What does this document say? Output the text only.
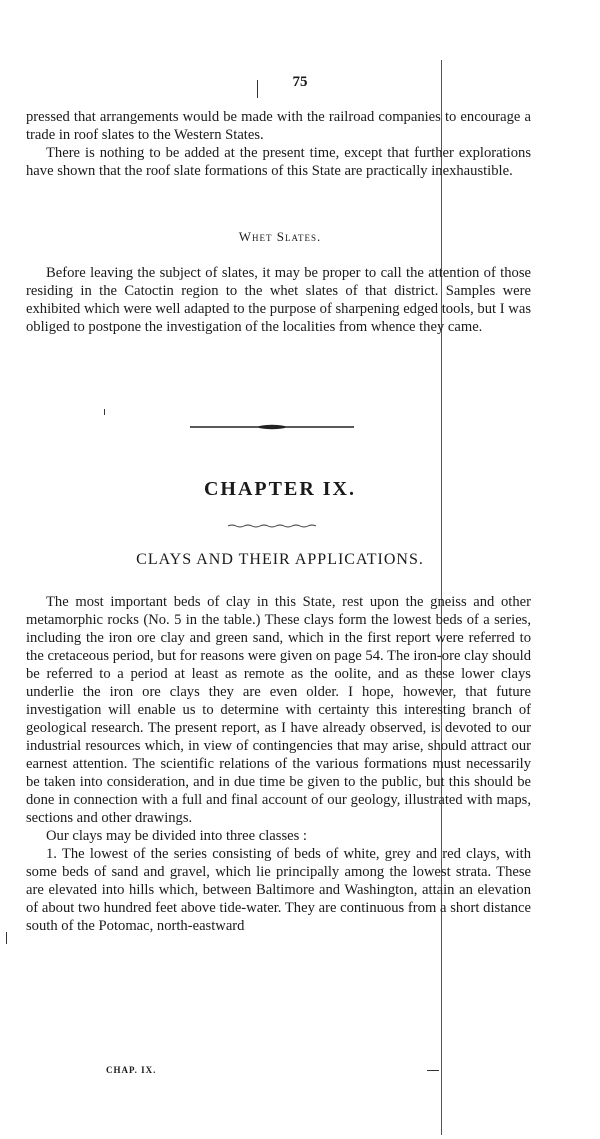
75

pressed that arrangements would be made with the railroad companies to encourage a trade in roof slates to the Western States.

There is nothing to be added at the present time, except that further explorations have shown that the roof slate formations of this State are practically inexhaustible.

Whet Slates.

Before leaving the subject of slates, it may be proper to call the attention of those residing in the Catoctin region to the whet slates of that district. Samples were exhibited which were well adapted to the purpose of sharpening edged tools, but I was obliged to postpone the investigation of the localities from whence they came.

CHAPTER IX.
CLAYS AND THEIR APPLICATIONS.

The most important beds of clay in this State, rest upon the gneiss and other metamorphic rocks (No. 5 in the table.) These clays form the lowest beds of a series, including the iron ore clay and green sand, which in the first report were referred to the cretaceous period, but for reasons were given on page 54. The iron-ore clay should be referred to a period at least as remote as the oolite, and as these lower clays underlie the iron ore clays they are even older. I hope, however, that future investigation will enable us to determine with certainty this interesting branch of geological research. The present report, as I have already observed, is devoted to our industrial resources which, in view of contingencies that may arise, should attract our earnest attention. The scientific relations of the various formations must necessarily be taken into consideration, and in due time be given to the public, but this should be done in connection with a full and final account of our geology, illustrated with maps, sections and other drawings.

Our clays may be divided into three classes :

1. The lowest of the series consisting of beds of white, grey and red clays, with some beds of sand and gravel, which lie principally among the lowest strata. These are elevated into hills which, between Baltimore and Washington, attain an elevation of about two hundred feet above tide-water. They are continuous from a short distance south of the Potomac, north-eastward

CHAP. IX.
